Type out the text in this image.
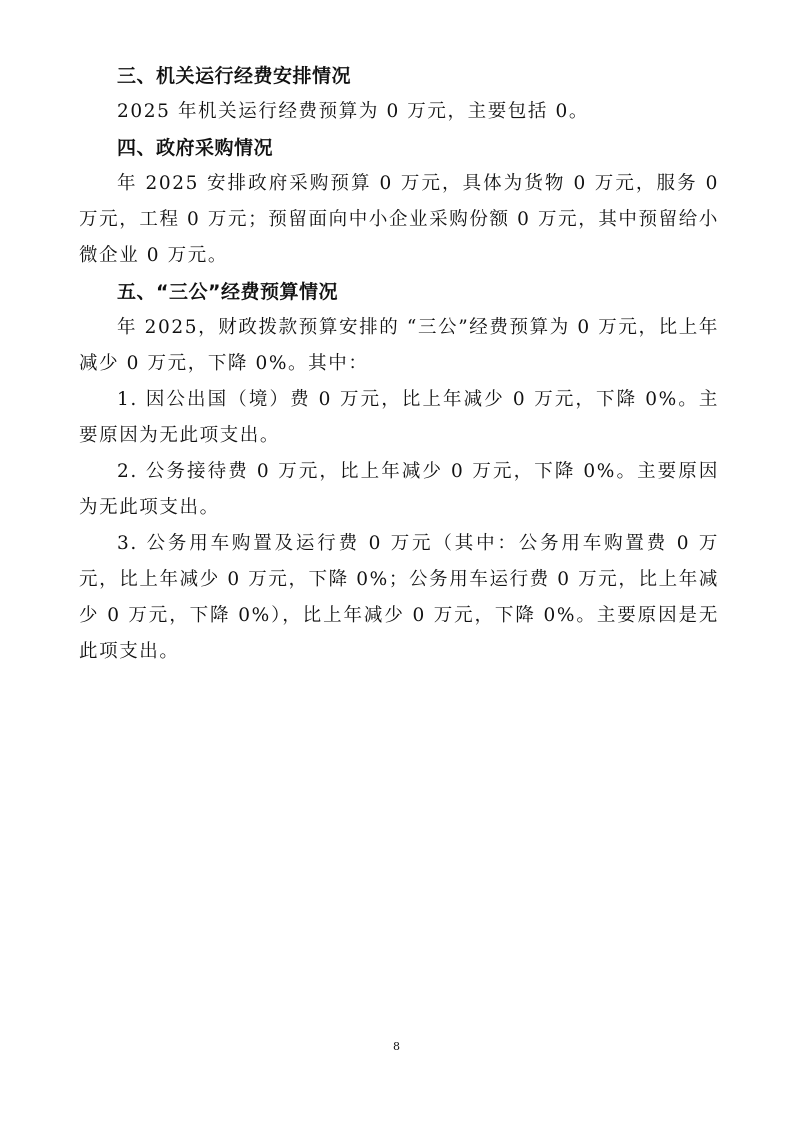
三、机关运行经费安排情况

2025 年机关运行经费预算为 0 万元，主要包括 0。

四、政府采购情况

年 2025 安排政府采购预算 0 万元，具体为货物 0 万元，服务 0 万元，工程 0 万元；预留面向中小企业采购份额 0 万元，其中预留给小微企业 0 万元。

五、“三公”经费预算情况

年 2025，财政拨款预算安排的 “三公”经费预算为 0 万元，比上年减少 0 万元，下降 0%。其中：

1. 因公出国（境）费 0 万元，比上年减少 0 万元，下降 0%。主要原因为无此项支出。

2. 公务接待费 0 万元，比上年减少 0 万元，下降 0%。主要原因为无此项支出。

3. 公务用车购置及运行费 0 万元（其中：公务用车购置费 0 万元，比上年减少 0 万元，下降 0%；公务用车运行费 0 万元，比上年减少 0 万元，下降 0%），比上年减少 0 万元，下降 0%。主要原因是无此项支出。

8
